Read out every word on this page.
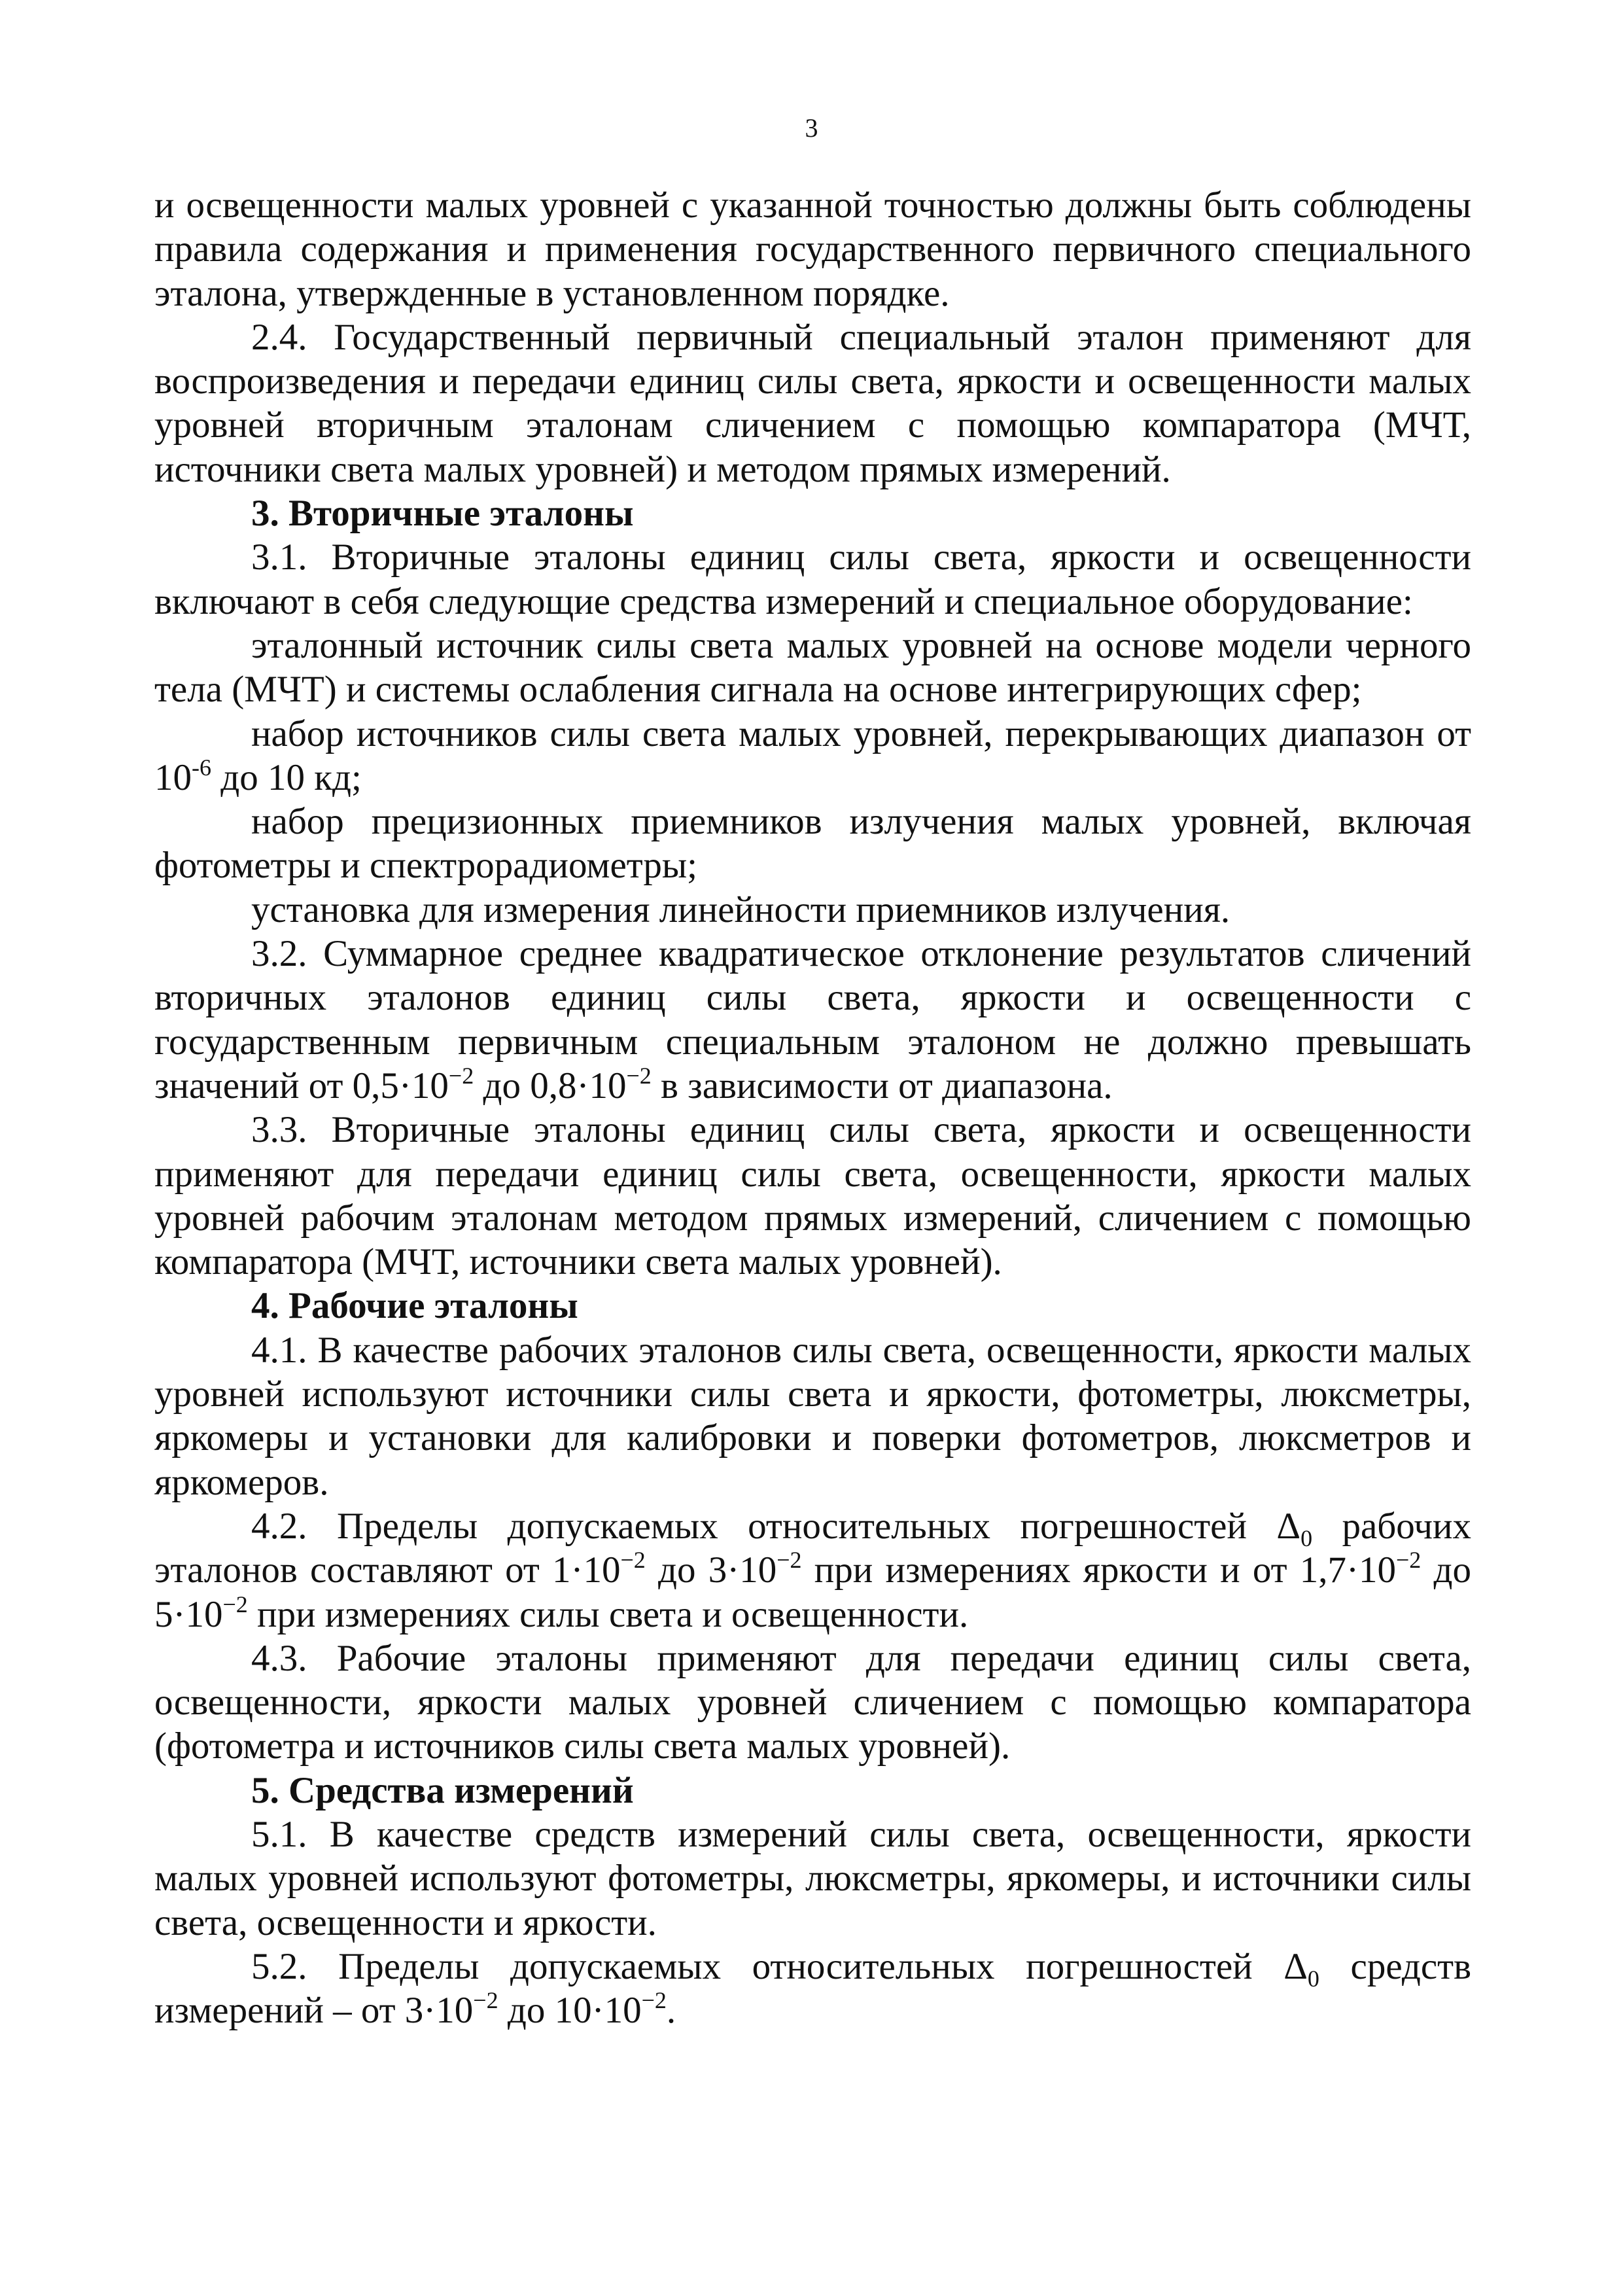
3

и освещенности малых уровней с указанной точностью должны быть соблюдены правила содержания и применения государственного первичного специального эталона, утвержденные в установленном порядке.

2.4. Государственный первичный специальный эталон применяют для воспроизведения и передачи единиц силы света, яркости и освещенности малых уровней вторичным эталонам сличением с помощью компаратора (МЧТ, источники света малых уровней) и методом прямых измерений.

3. Вторичные эталоны

3.1. Вторичные эталоны единиц силы света, яркости и освещенности включают в себя следующие средства измерений и специальное оборудование:

эталонный источник силы света малых уровней на основе модели черного тела (МЧТ) и системы ослабления сигнала на основе интегрирующих сфер;

набор источников силы света малых уровней, перекрывающих диапазон от $10^{-6}$ до 10 кд;

набор прецизионных приемников излучения малых уровней, включая фотометры и спектрорадиометры;

установка для измерения линейности приемников излучения.

3.2. Суммарное среднее квадратическое отклонение результатов сличений вторичных эталонов единиц силы света, яркости и освещенности с государственным первичным специальным эталоном не должно превышать значений от $0,5\cdot 10^{-2}$ до $0,8\cdot 10^{-2}$ в зависимости от диапазона.

3.3. Вторичные эталоны единиц силы света, яркости и освещенности применяют для передачи единиц силы света, освещенности, яркости малых уровней рабочим эталонам методом прямых измерений, сличением с помощью компаратора (МЧТ, источники света малых уровней).

4. Рабочие эталоны

4.1. В качестве рабочих эталонов силы света, освещенности, яркости малых уровней используют источники силы света и яркости, фотометры, люксметры, яркомеры и установки для калибровки и поверки фотометров, люксметров и яркомеров.

4.2. Пределы допускаемых относительных погрешностей $\Delta_0$ рабочих эталонов составляют от $1\cdot 10^{-2}$ до $3\cdot 10^{-2}$ при измерениях яркости и от $1,7\cdot 10^{-2}$ до $5\cdot 10^{-2}$ при измерениях силы света и освещенности.

4.3. Рабочие эталоны применяют для передачи единиц силы света, освещенности, яркости малых уровней сличением с помощью компаратора (фотометра и источников силы света малых уровней).

5. Средства измерений

5.1. В качестве средств измерений силы света, освещенности, яркости малых уровней используют фотометры, люксметры, яркомеры, и источники силы света, освещенности и яркости.

5.2. Пределы допускаемых относительных погрешностей $\Delta_0$ средств измерений – от $3\cdot 10^{-2}$ до $10\cdot 10^{-2}$.
